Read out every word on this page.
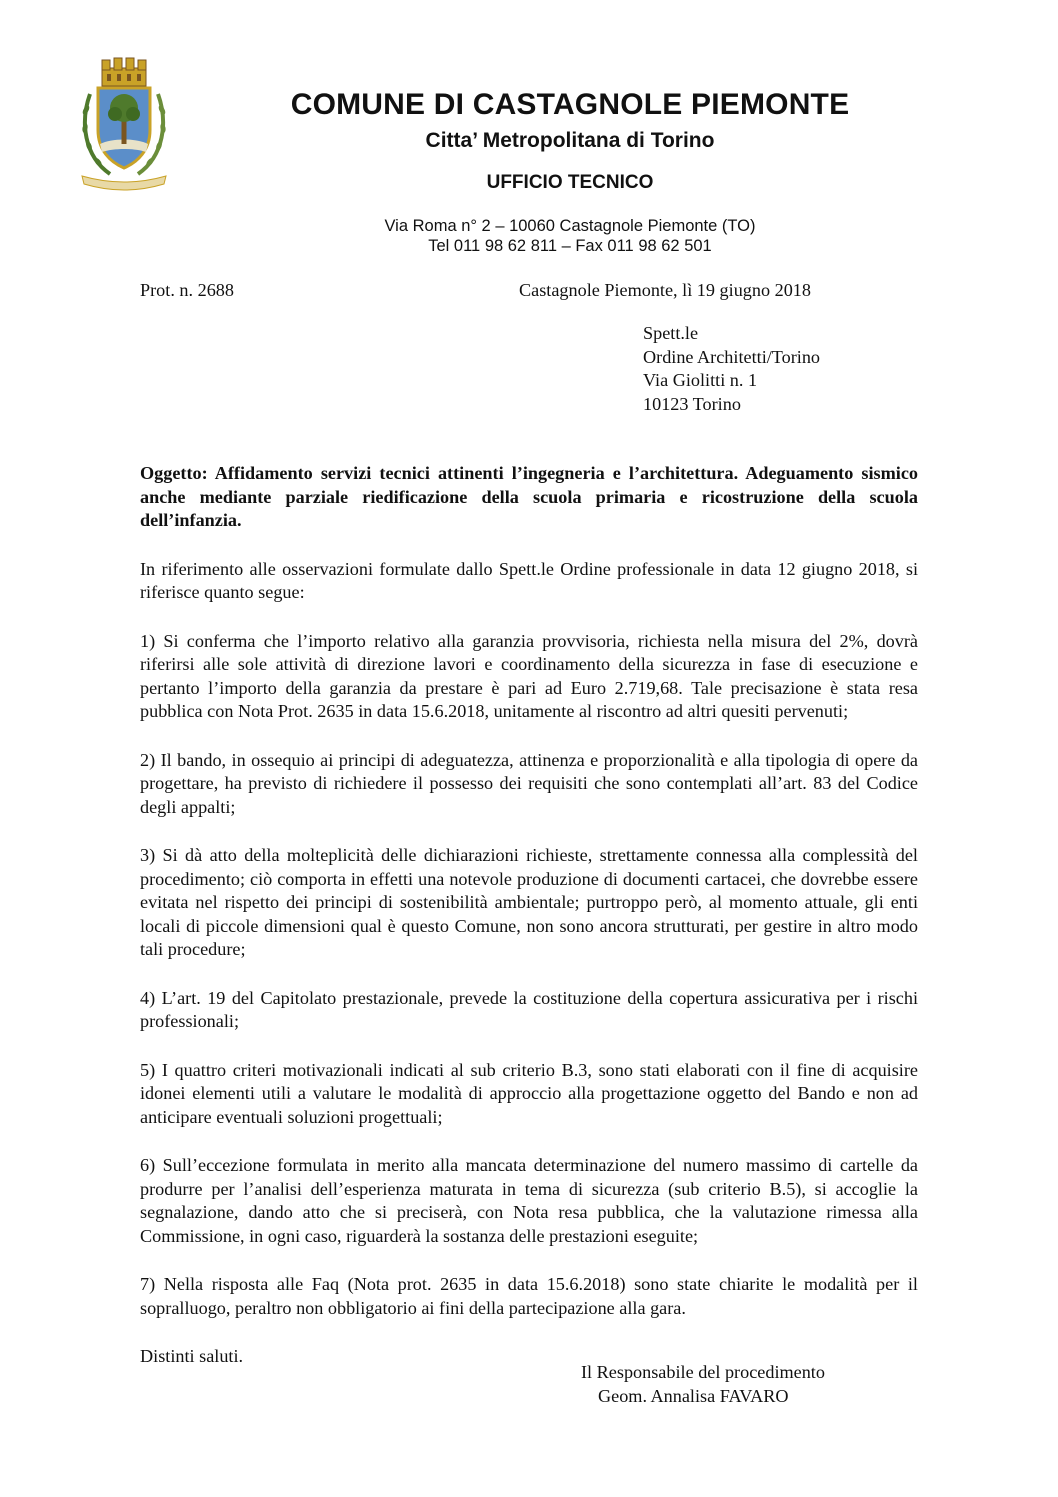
COMUNE DI CASTAGNOLE PIEMONTE
Citta’ Metropolitana di Torino
UFFICIO TECNICO
Via Roma n° 2 – 10060 Castagnole Piemonte (TO)
Tel 011 98 62 811 – Fax 011 98 62 501
Prot. n. 2688	Castagnole Piemonte, lì 19 giugno 2018
Spett.le
Ordine Architetti/Torino
Via Giolitti n. 1
10123 Torino

Oggetto: Affidamento servizi tecnici attinenti l’ingegneria e l’architettura. Adeguamento sismico anche mediante parziale riedificazione della scuola primaria e ricostruzione della scuola dell’infanzia.

In riferimento alle osservazioni formulate dallo Spett.le Ordine professionale in data 12 giugno 2018, si riferisce quanto segue:

1) Si conferma che l’importo relativo alla garanzia provvisoria, richiesta nella misura del 2%, dovrà riferirsi alle sole attività di direzione lavori e coordinamento della sicurezza in fase di esecuzione e pertanto l’importo della garanzia da prestare è pari ad Euro 2.719,68. Tale precisazione è stata resa pubblica con Nota Prot. 2635 in data 15.6.2018, unitamente al riscontro ad altri quesiti pervenuti;

2) Il bando, in ossequio ai principi di adeguatezza, attinenza e proporzionalità e alla tipologia di opere da progettare, ha previsto di richiedere il possesso dei requisiti che sono contemplati all’art. 83 del Codice degli appalti;

3) Si dà atto della molteplicità delle dichiarazioni richieste, strettamente connessa alla complessità del procedimento; ciò comporta in effetti una notevole produzione di documenti cartacei, che dovrebbe essere evitata nel rispetto dei principi di sostenibilità ambientale; purtroppo però, al momento attuale, gli enti locali di piccole dimensioni qual è questo Comune, non sono ancora strutturati, per gestire in altro modo tali procedure;

4) L’art. 19 del Capitolato prestazionale, prevede la costituzione della copertura assicurativa per i rischi professionali;

5) I quattro criteri motivazionali indicati al sub criterio B.3, sono stati elaborati con il fine di acquisire idonei elementi utili a valutare le modalità di approccio alla progettazione oggetto del Bando e non ad anticipare eventuali soluzioni progettuali;

6) Sull’eccezione formulata in merito alla mancata determinazione del numero massimo di cartelle da produrre per l’analisi dell’esperienza maturata in tema di sicurezza (sub criterio B.5), si accoglie la segnalazione, dando atto che si preciserà, con Nota resa pubblica, che la valutazione rimessa alla Commissione, in ogni caso, riguarderà la sostanza delle prestazioni eseguite;

7) Nella risposta alle Faq (Nota prot. 2635 in data 15.6.2018) sono state chiarite le modalità per il sopralluogo, peraltro non obbligatorio ai fini della partecipazione alla gara.

Distinti saluti.

Il Responsabile del procedimento
Geom. Annalisa FAVARO
